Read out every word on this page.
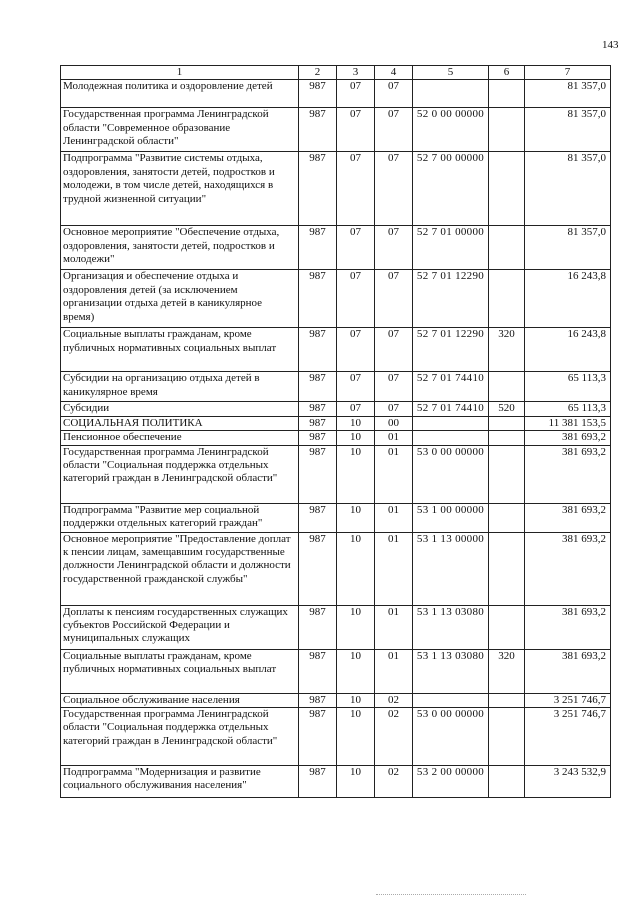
143
1	2	3	4	5	6	7
Молодежная политика и оздоровление детей	987	07	07			81 357,0
Государственная программа Ленинградской области "Современное образование Ленинградской области"	987	07	07	52 0 00 00000		81 357,0
Подпрограмма "Развитие системы отдыха, оздоровления, занятости детей, подростков и молодежи, в том числе детей, находящихся в трудной жизненной ситуации"	987	07	07	52 7 00 00000		81 357,0
Основное мероприятие "Обеспечение отдыха, оздоровления, занятости детей, подростков и молодежи"	987	07	07	52 7 01 00000		81 357,0
Организация и обеспечение отдыха и оздоровления детей (за исключением организации отдыха детей в каникулярное время)	987	07	07	52 7 01 12290		16 243,8
Социальные выплаты гражданам, кроме публичных нормативных социальных выплат	987	07	07	52 7 01 12290	320	16 243,8
Субсидии на организацию отдыха детей в каникулярное время	987	07	07	52 7 01 74410		65 113,3
Субсидии	987	07	07	52 7 01 74410	520	65 113,3
СОЦИАЛЬНАЯ ПОЛИТИКА	987	10	00			11 381 153,5
Пенсионное обеспечение	987	10	01			381 693,2
Государственная программа Ленинградской области "Социальная поддержка отдельных категорий граждан в Ленинградской области"	987	10	01	53 0 00 00000		381 693,2
Подпрограмма "Развитие мер социальной поддержки отдельных категорий граждан"	987	10	01	53 1 00 00000		381 693,2
Основное мероприятие "Предоставление доплат к пенсии лицам, замещавшим государственные должности Ленинградской области и должности государственной гражданской службы"	987	10	01	53 1 13 00000		381 693,2
Доплаты к пенсиям государственных служащих субъектов Российской Федерации и муниципальных служащих	987	10	01	53 1 13 03080		381 693,2
Социальные выплаты гражданам, кроме публичных нормативных социальных выплат	987	10	01	53 1 13 03080	320	381 693,2
Социальное обслуживание населения	987	10	02			3 251 746,7
Государственная программа Ленинградской области "Социальная поддержка отдельных категорий граждан в Ленинградской области"	987	10	02	53 0 00 00000		3 251 746,7
Подпрограмма "Модернизация и развитие социального обслуживания населения"	987	10	02	53 2 00 00000		3 243 532,9
